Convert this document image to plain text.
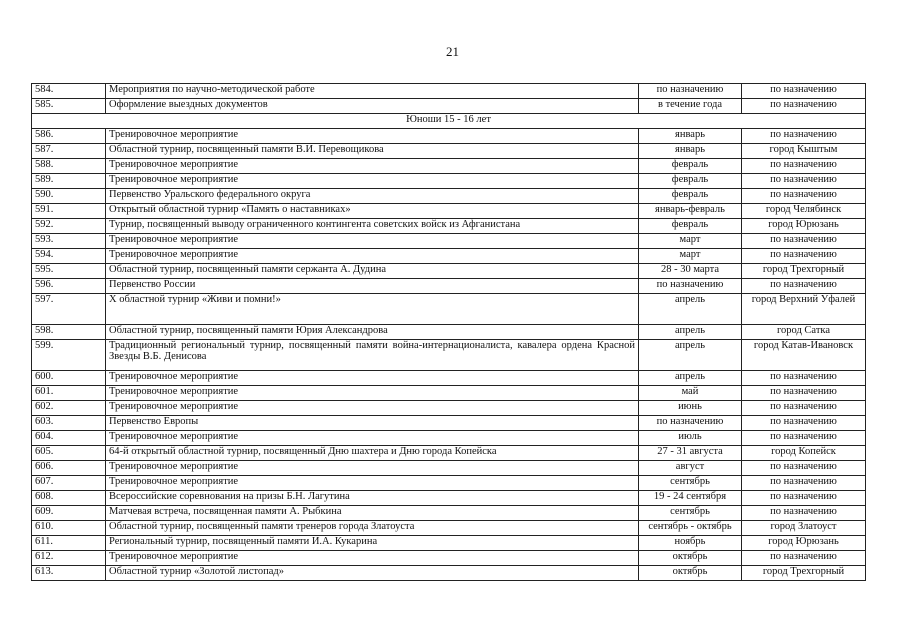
21
584.	Мероприятия по научно-методической работе	по назначению	по назначению
585.	Оформление выездных документов	в течение года	по назначению
Юноши 15 - 16 лет			
586.	Тренировочное мероприятие	январь	по назначению
587.	Областной турнир, посвященный памяти В.И. Перевощикова	январь	город Кыштым
588.	Тренировочное мероприятие	февраль	по назначению
589.	Тренировочное мероприятие	февраль	по назначению
590.	Первенство Уральского федерального округа	февраль	по назначению
591.	Открытый областной турнир «Память о наставниках»	январь-февраль	город Челябинск
592.	Турнир, посвященный выводу ограниченного контингента советских войск из Афганистана	февраль	город Юрюзань
593.	Тренировочное мероприятие	март	по назначению
594.	Тренировочное мероприятие	март	по назначению
595.	Областной турнир, посвященный памяти сержанта А. Дудина	28 - 30 марта	город Трехгорный
596.	Первенство России	по назначению	по назначению
597.	X областной турнир «Живи и помни!»	апрель	город Верхний Уфалей
598.	Областной турнир, посвященный памяти Юрия Александрова	апрель	город Сатка
599.	Традиционный региональный турнир, посвященный памяти война-интернационалиста, кавалера ордена Красной Звезды В.Б. Денисова	апрель	город Катав-Ивановск
600.	Тренировочное мероприятие	апрель	по назначению
601.	Тренировочное мероприятие	май	по назначению
602.	Тренировочное мероприятие	июнь	по назначению
603.	Первенство Европы	по назначению	по назначению
604.	Тренировочное мероприятие	июль	по назначению
605.	64-й открытый областной турнир, посвященный Дню шахтера и Дню города Копейска	27 - 31 августа	город Копейск
606.	Тренировочное мероприятие	август	по назначению
607.	Тренировочное мероприятие	сентябрь	по назначению
608.	Всероссийские соревнования на призы Б.Н. Лагутина	19 - 24 сентября	по назначению
609.	Матчевая встреча, посвященная памяти А. Рыбкина	сентябрь	по назначению
610.	Областной турнир, посвященный памяти тренеров города Златоуста	сентябрь - октябрь	город Златоуст
611.	Региональный турнир, посвященный памяти И.А. Кукарина	ноябрь	город Юрюзань
612.	Тренировочное мероприятие	октябрь	по назначению
613.	Областной турнир «Золотой листопад»	октябрь	город Трехгорный
